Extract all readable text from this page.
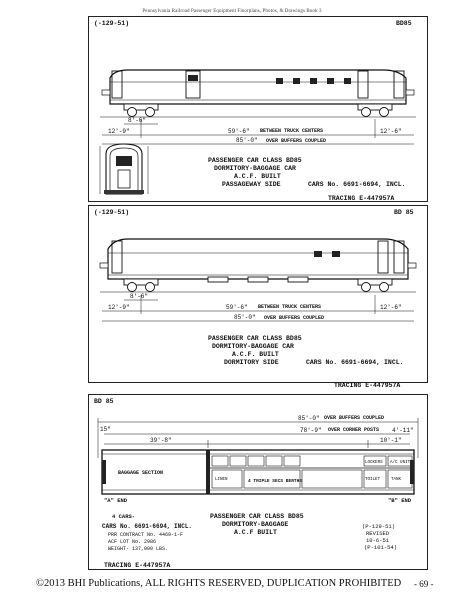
Pennsylvania Railroad Passenger Equipment Floorplans, Photos, & Drawings Book 3
(-129-51)	BD85
8'-6"
12'-9"	59'-6" BETWEEN TRUCK CENTERS	12'-6"
85'-0" OVER BUFFERS COUPLED
PASSENGER CAR CLASS BD85
DORMITORY-BAGGAGE CAR
A.C.F. BUILT
PASSAGEWAY SIDE	CARS No. 6691-6694, INCL.
TRACING E-447957A
(-129-51)	BD 85
8'-6"
12'-9"	59'-6" BETWEEN TRUCK CENTERS	12'-6"
85'-0" OVER BUFFERS COUPLED
PASSENGER CAR CLASS BD85
DORMITORY-BAGGAGE CAR
A.C.F. BUILT
DORMITORY SIDE	CARS No. 6691-6694, INCL.
TRACING E-447957A
BD 85
85'-0" OVER BUFFERS COUPLED
78'-9" OVER CORNER POSTS
15"
39'-8"
4'-11"
10'-1"
BAGGAGE SECTION
4 TRIPLE SECS BERTHS
LOCKERS A/C UNIT
TOILET	TANK
LINEN
"A" END	"B" END
4 CARS-
CARS No. 6691-6694, INCL.
PRR CONTRACT No. 4469-1-F
ACF LOT No. 2986
WEIGHT- 137,000 LBS.
PASSENGER CAR CLASS BD85
DORMITORY-BAGGAGE
A.C.F BUILT
(P-129-51)
REVISED
10-6-51
(P-101-54)
TRACING E-447957A
©2013 BHI Publications, ALL RIGHTS RESERVED, DUPLICATION PROHIBITED - 69 -
